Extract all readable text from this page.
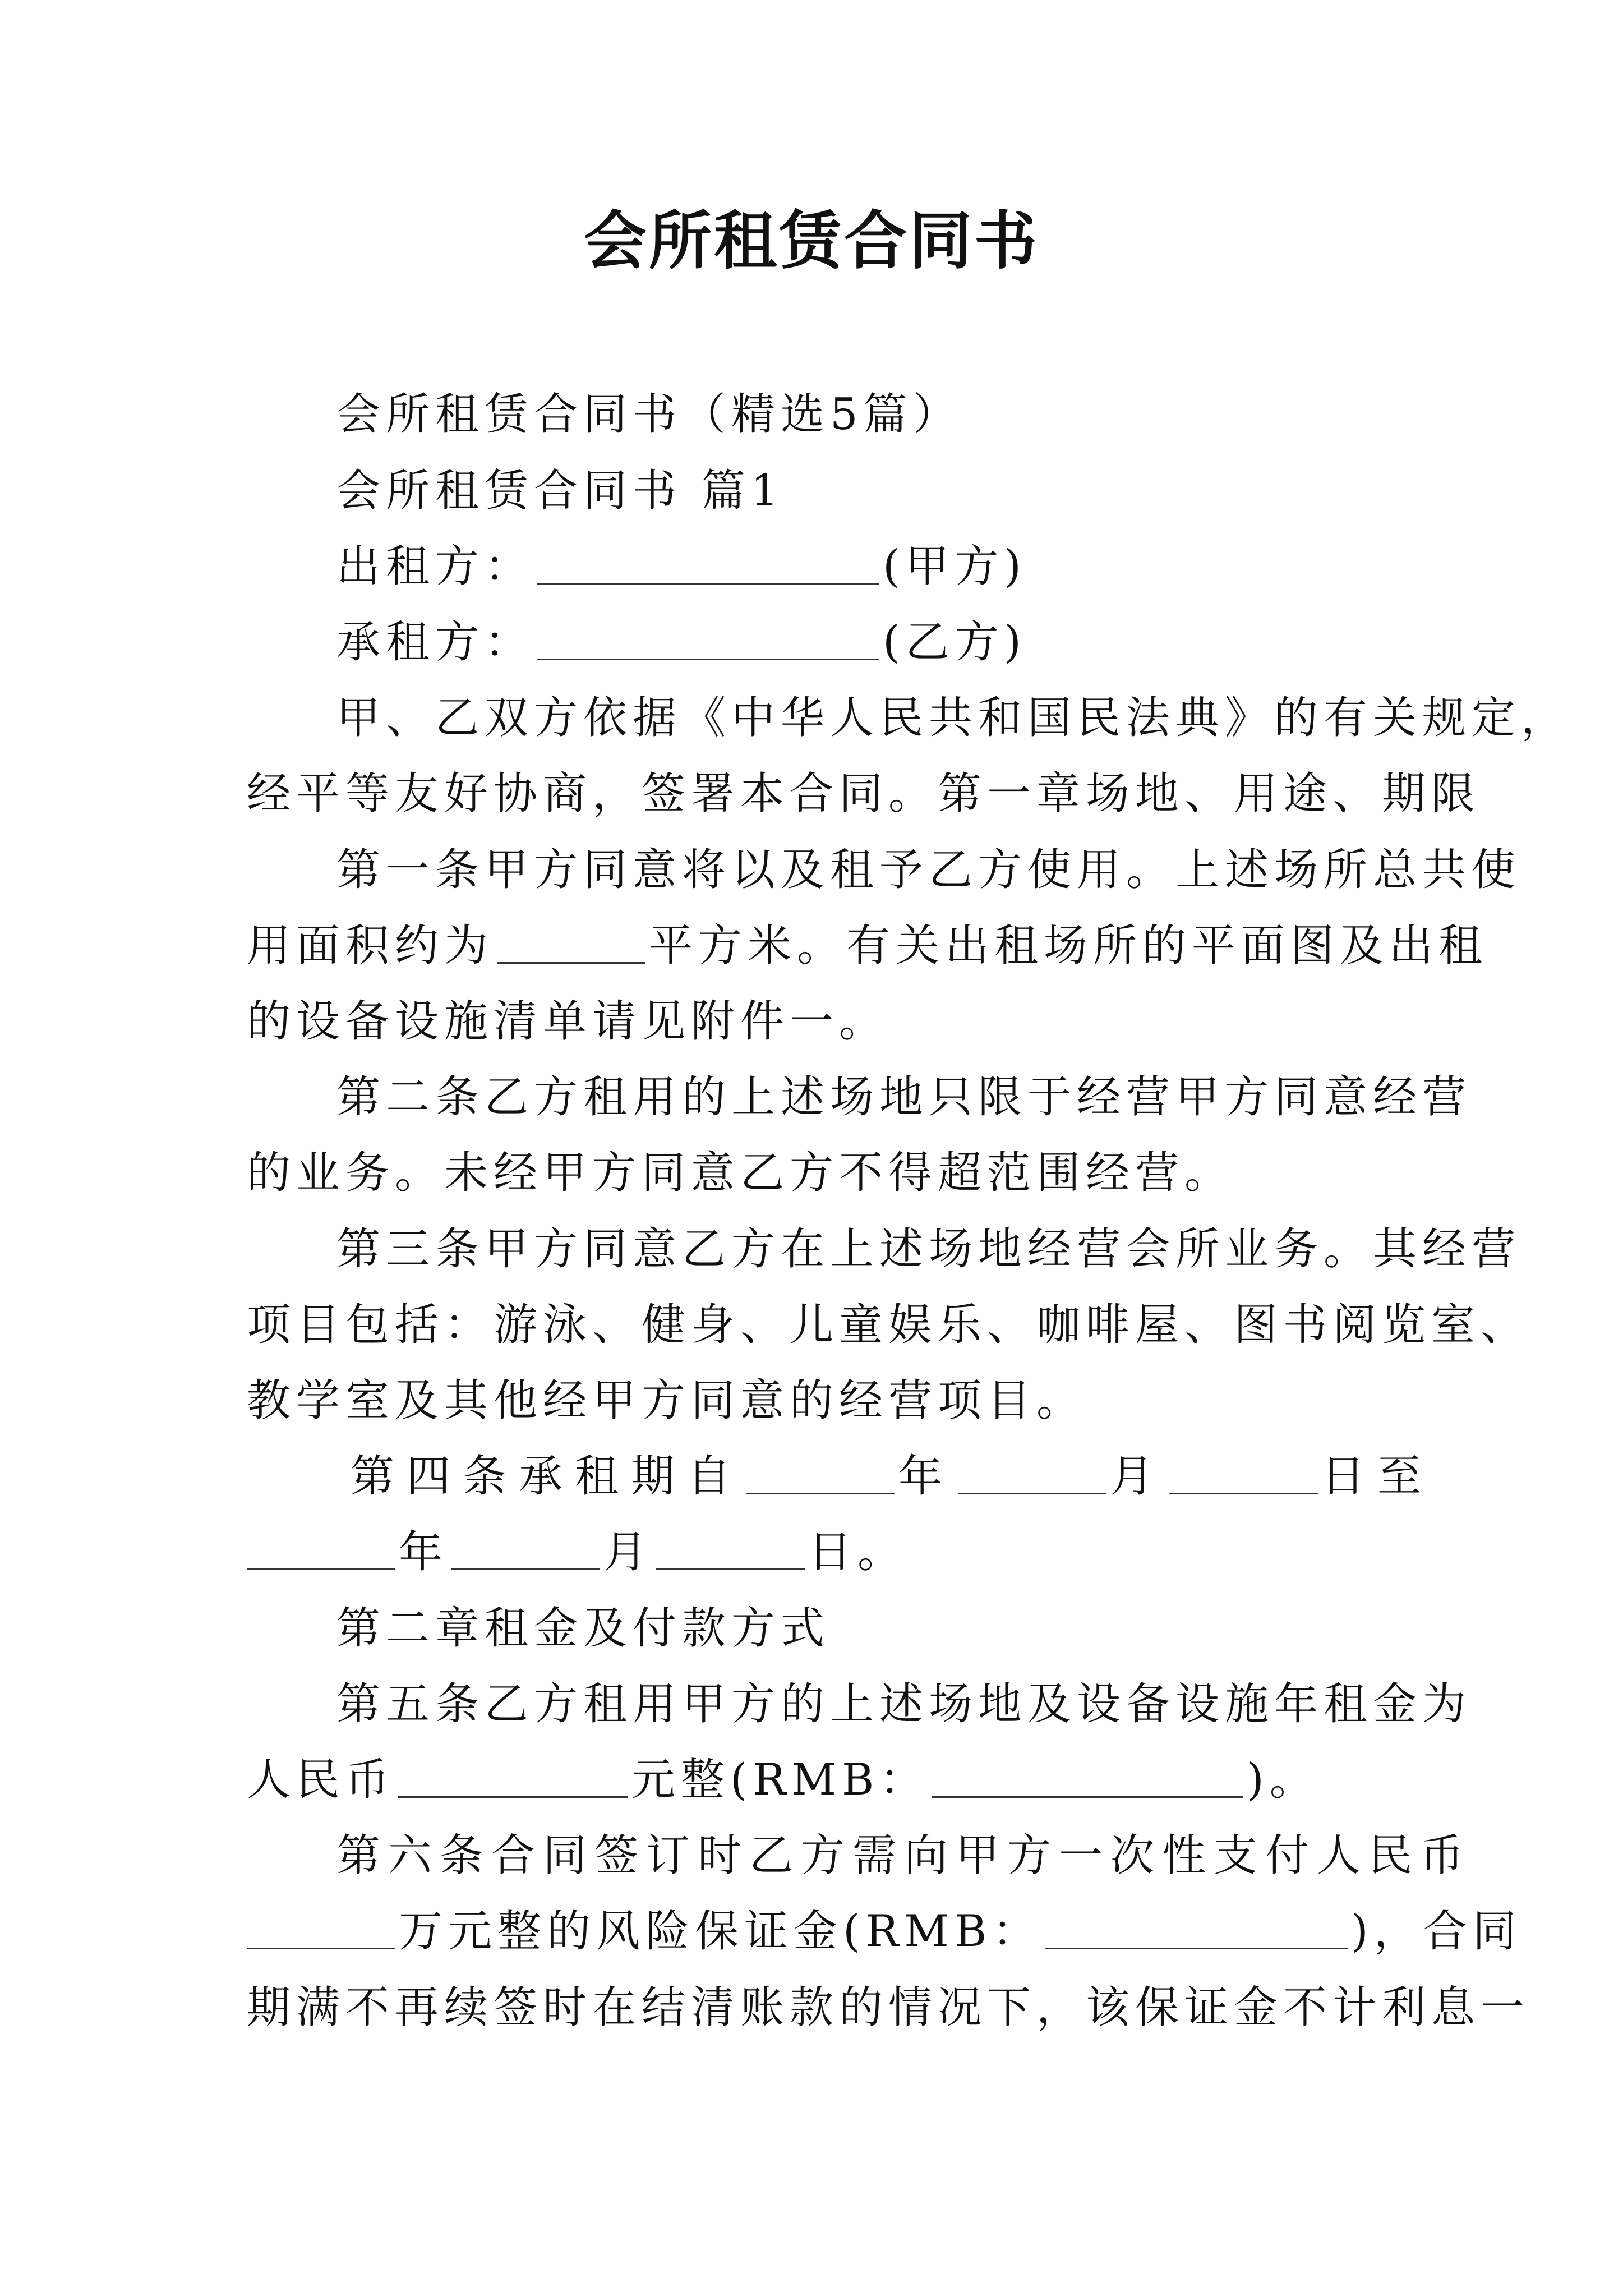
会所租赁合同书
会所租赁合同书（精选5篇）
会所租赁合同书 篇1
出租方：	(甲方)
承租方：	(乙方)
甲、乙双方依据《中华人民共和国民法典》的有关规定，
经平等友好协商，签署本合同。第一章场地、用途、期限
第一条甲方同意将以及租予乙方使用。上述场所总共使
用面积约为	平方米。有关出租场所的平面图及出租
的设备设施清单请见附件一。
第二条乙方租用的上述场地只限于经营甲方同意经营
的业务。未经甲方同意乙方不得超范围经营。
第三条甲方同意乙方在上述场地经营会所业务。其经营
项目包括：游泳、健身、儿童娱乐、咖啡屋、图书阅览室、
教学室及其他经甲方同意的经营项目。
第四条承租期自	年	月	日至
年	月	日。
第二章租金及付款方式
第五条乙方租用甲方的上述场地及设备设施年租金为
人民币	元整(RMB：	)。
第六条合同签订时乙方需向甲方一次性支付人民币
万元整的风险保证金(RMB：	)，合同
期满不再续签时在结清账款的情况下，该保证金不计利息一
